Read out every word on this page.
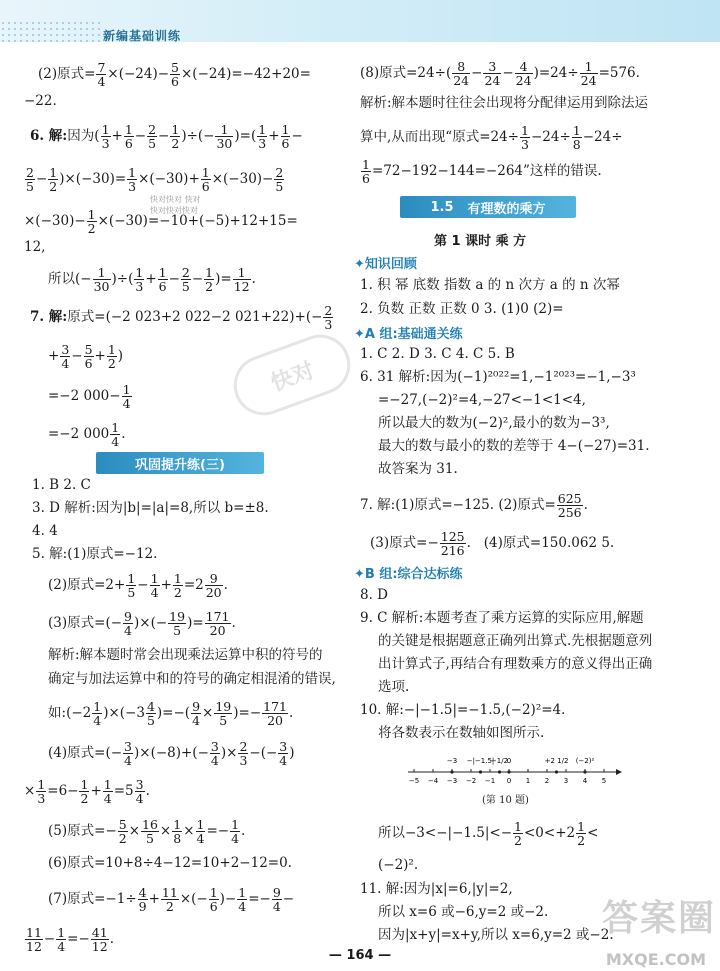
新编基础训练
(2)原式= $\frac{7}{4} \times(-24)- \frac{5}{6} \times(-24)=-42+20=$
−22.
6. 解:因为( $\frac{1}{3} + \frac{1}{6} - \frac{2}{5} - \frac{1}{2}$ )÷(− $\frac{1}{30}$ )=( $\frac{1}{3} + \frac{1}{6}$ −
$\frac{2}{5} - \frac{1}{2} )\times(-30)= \frac{1}{3} \times(-30)+ \frac{1}{6} \times(-30)- \frac{2}{5}$
$\times(-30)- \frac{1}{2} \times(-30)=-10+(-5)+12+15=$
12,
所以(− $\frac{1}{30}$ )÷( $\frac{1}{3} + \frac{1}{6} - \frac{2}{5} - \frac{1}{2}$ )= $\frac{1}{12}$ .
7. 解:原式=(−2 023+2 022−2 $021+22)+(- \frac{2}{3}$
+ $\frac{3}{4} - \frac{5}{6} + \frac{1}{2}$ )
=−2 $000- \frac{1}{4}$
=−2 $000 \frac{1}{4}$ .
巩固提升练(三)
1. B 2. C
3. D 解析:因为|b|=|a|=8,所以 b=±8.
4. 4
5. 解:(1)原式=−12.
(2)原式$=2+ \frac{1}{5} - \frac{1}{4} + \frac{1}{2} =2 \frac{9}{20}$ .
(3)原式=(− $\frac{9}{4}$ )×(− $\frac{19}{5}$ )= $\frac{171}{20}$ .
解析:解本题时常会出现乘法运算中积的符号的
确定与加法运算中和的符号的确定相混淆的错误,
如:(−2 $\frac{1}{4} )\times(-3 \frac{4}{5}$ )=−( $\frac{9}{4} \times \frac{19}{5}$ )=− $\frac{171}{20}$ .
(4)原式=(− $\frac{3}{4} )\times(-8)+(- \frac{3}{4}$ )× $\frac{2}{3}$ −(− $\frac{3}{4}$ )
× $\frac{1}{3} =6- \frac{1}{2} + \frac{1}{4} =5 \frac{3}{4}$ .
(5)原式=− $\frac{5}{2} \times \frac{16}{5} \times \frac{1}{8} \times \frac{1}{4} =- \frac{1}{4}$ .
(6)原式=10+8÷4−12=10+2−12=0.
(7)原式$=-1\div \frac{4}{9} + \frac{11}{2}$ ×(− $\frac{1}{6}$ )− $\frac{1}{4} =- \frac{9}{4}$ −
$\frac{11}{12} - \frac{1}{4} =- \frac{41}{12}$ .
快对快对 快对
快对快对快对
快对
(8)原式$=24\div( \frac{8}{24} - \frac{3}{24} - \frac{4}{24} )=24\div \frac{1}{24} =576$.
解析:解本题时往往会出现将分配律运用到除法运
算中,从而出现“原式$=24\div \frac{1}{3} -24\div \frac{1}{8} -24\div$
$\frac{1}{6} =72-192-144=-264$”这样的错误.
1.5 有理数的乘方
第 1 课时 乘 方
✦知识回顾
1. 积 幂 底数 指数 a 的 n 次方 a 的 n 次幂
2. 负数 正数 正数 0 3. (1)0 (2)=
✦A 组:基础通关练
1. C 2. D 3. C 4. C 5. B
6. 31 解析:因为(−1)²⁰²²=1,−1²⁰²³=−1,−3³
=−27,(−2)²=4,−27<−1<1<4,
所以最大的数为(−2)²,最小的数为−3³,
最大的数与最小的数的差等于 4−(−27)=31.
故答案为 31.
7. 解:(1)原式=−125. (2)原式= $\frac{625}{256}$ .
(3)原式=− $\frac{125}{216}$ .   (4)原式=150.062 5.
✦B 组:综合达标练
8. D
9. C 解析:本题考查了乘方运算的实际应用,解题
的关键是根据题意正确列出算式.先根据题意列
出计算式子,再结合有理数乘方的意义得出正确
选项.
10. 解:−|−1.5|=−1.5,(−2)²=4.
将各数表示在数轴如图所示.
−5 −4 −3 −2 −1 0 1 2 3 4 5
−3 −|−1.5|
−1/2
0	+2 1/2 (−2)²
(第 10 题)
所以$-3<-|-1.5|<- \frac{1}{2} <0<+2 \frac{1}{2}$ <
(−2)².
11. 解:因为|x|=6,|y|=2,
所以 x=6 或−6,y=2 或−2.
因为|x+y|=x+y,所以 x=6,y=2 或−2.
答案圈
MXQE.COM
— 164 —
